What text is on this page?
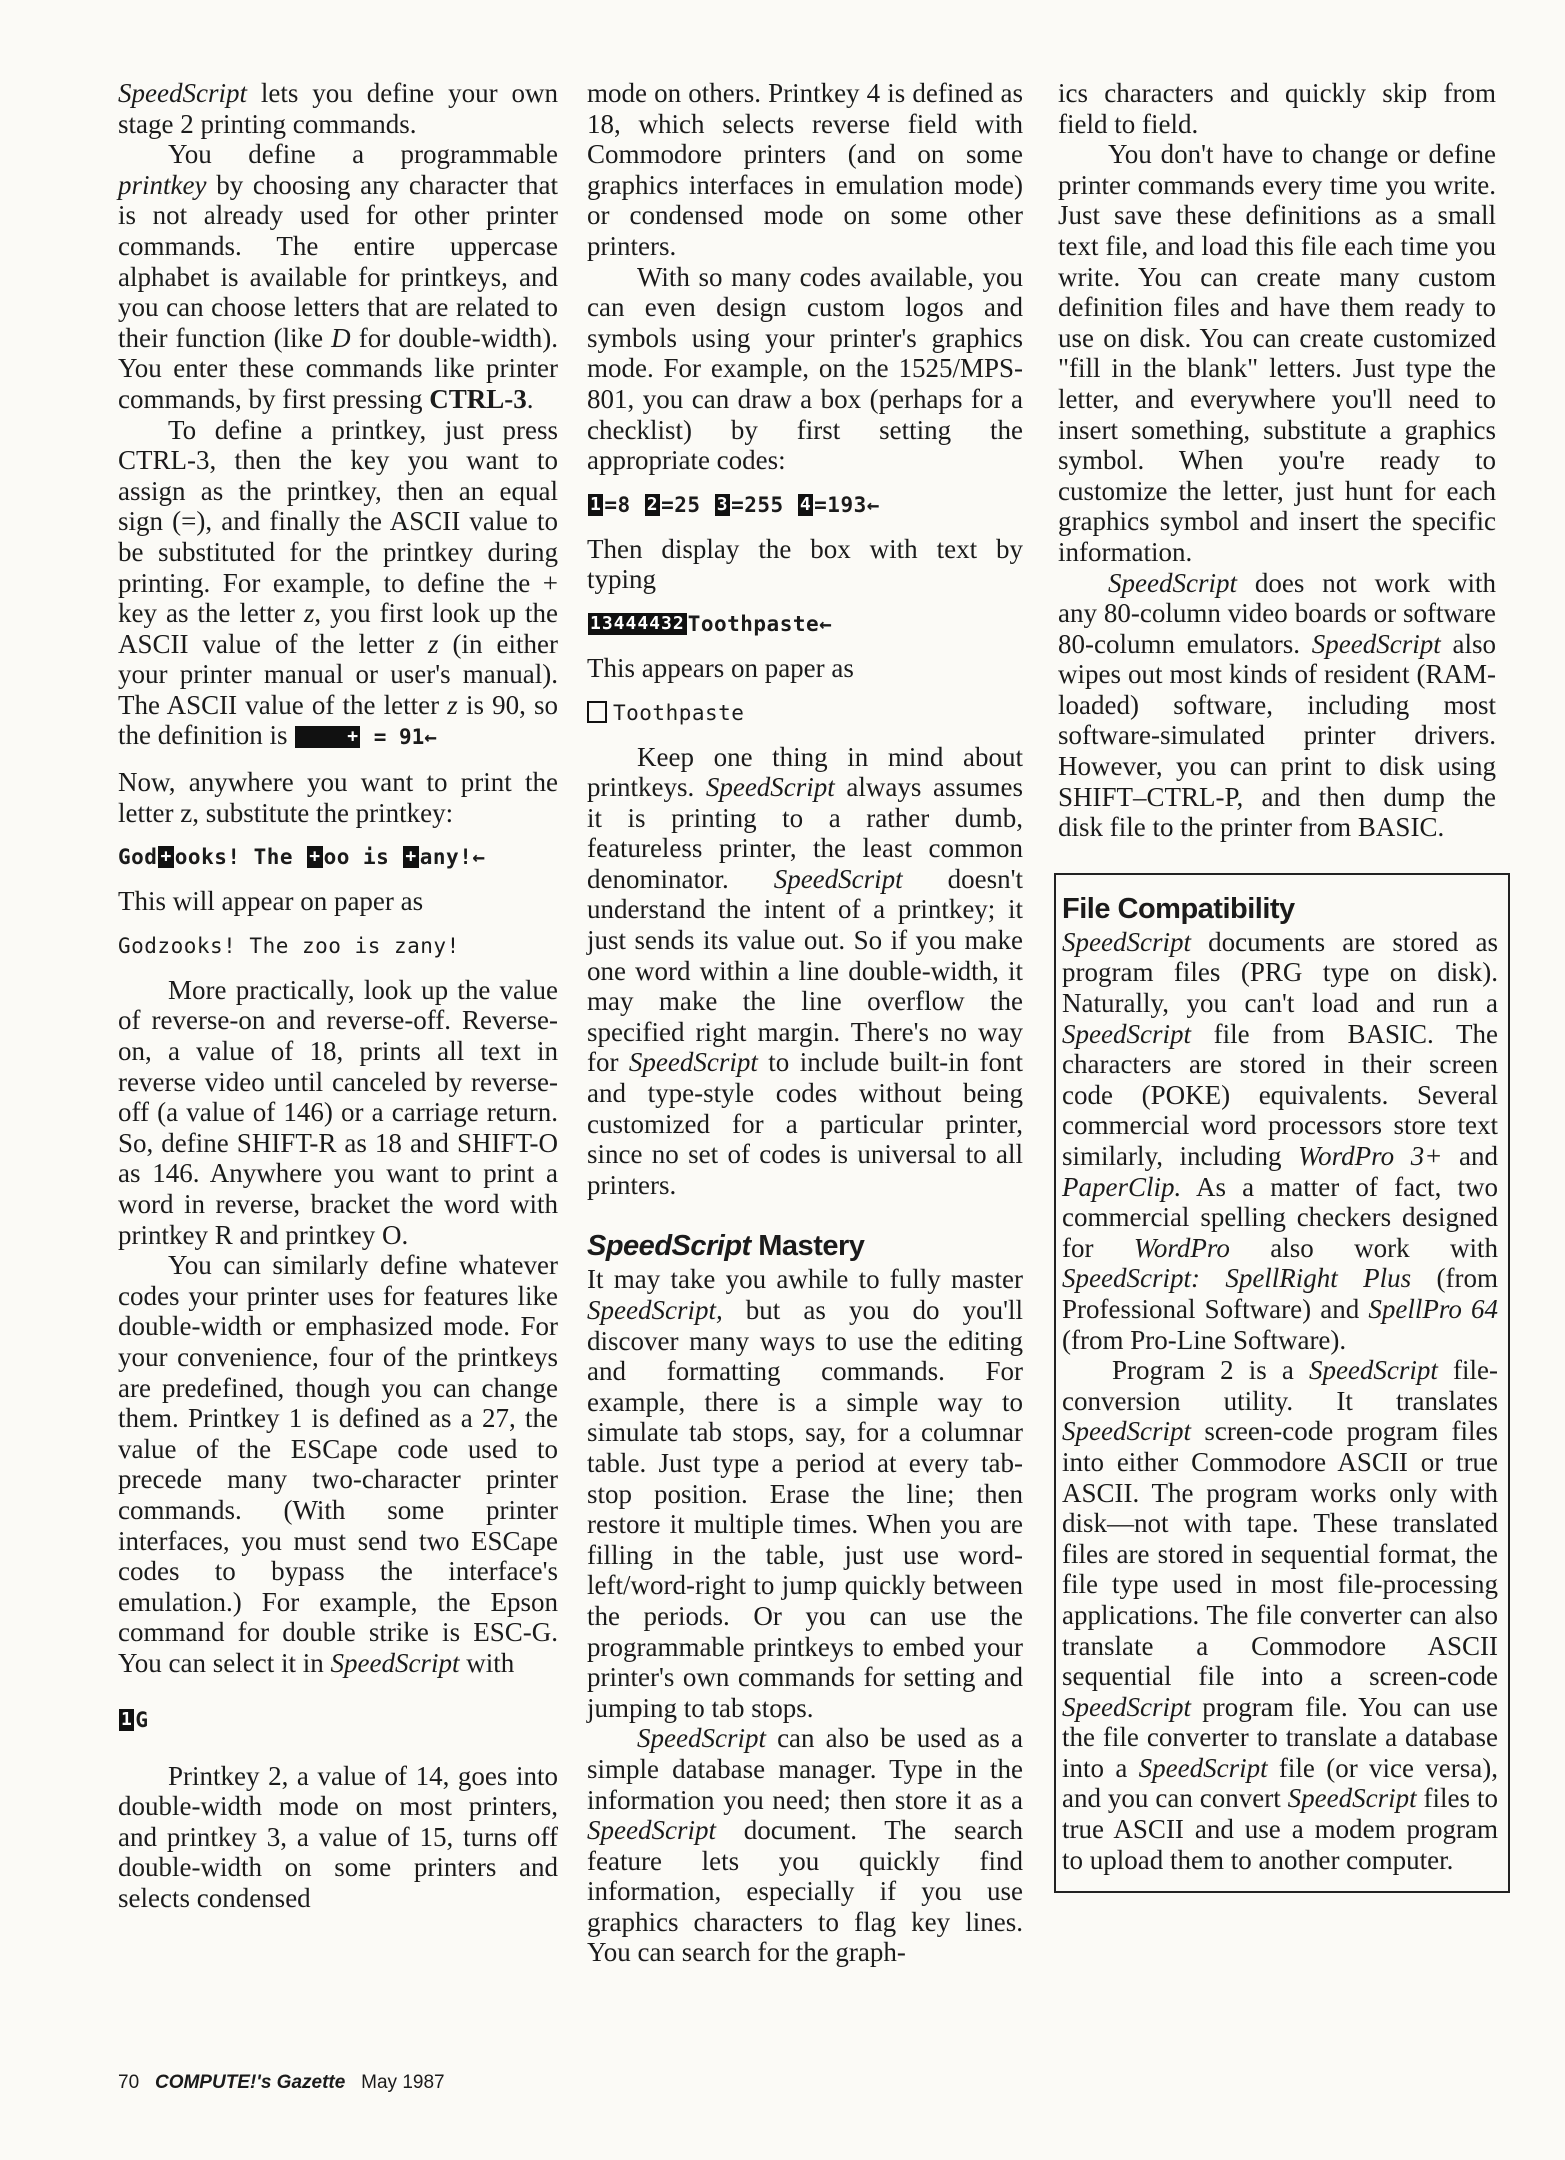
SpeedScript lets you define your own stage 2 printing commands.

You define a programmable printkey by choosing any character that is not already used for other printer commands. The entire uppercase alphabet is available for printkeys, and you can choose letters that are related to their function (like D for double-width). You enter these commands like printer commands, by first pressing CTRL-3.

To define a printkey, just press CTRL-3, then the key you want to assign as the printkey, then an equal sign (=), and finally the ASCII value to be substituted for the printkey during printing. For example, to define the + key as the letter z, you first look up the ASCII value of the letter z (in either your printer manual or user's manual). The ASCII value of the letter z is 90, so the definition is	+ = 91←

Now, anywhere you want to print the letter z, substitute the printkey:

God + ooks! The + oo is + any!←

This will appear on paper as

Godzooks! The zoo is zany!

More practically, look up the value of reverse-on and reverse-off. Reverse-on, a value of 18, prints all text in reverse video until canceled by reverse-off (a value of 146) or a carriage return. So, define SHIFT-R as 18 and SHIFT-O as 146. Anywhere you want to print a word in reverse, bracket the word with printkey R and printkey O.

You can similarly define whatever codes your printer uses for features like double-width or emphasized mode. For your convenience, four of the printkeys are predefined, though you can change them. Printkey 1 is defined as a 27, the value of the ESCape code used to precede many two-character printer commands. (With some printer interfaces, you must send two ESCape codes to bypass the interface's emulation.) For example, the Epson command for double strike is ESC-G. You can select it in SpeedScript with

1 G

Printkey 2, a value of 14, goes into double-width mode on most printers, and printkey 3, a value of 15, turns off double-width on some printers and selects condensed

mode on others. Printkey 4 is defined as 18, which selects reverse field with Commodore printers (and on some graphics interfaces in emulation mode) or condensed mode on some other printers.

With so many codes available, you can even design custom logos and symbols using your printer's graphics mode. For example, on the 1525/MPS-801, you can draw a box (perhaps for a checklist) by first setting the appropriate codes:

1 =8 2 =25 3 =255 4 =193←

Then display the box with text by typing

13444432 Toothpaste←

This appears on paper as

Toothpaste

Keep one thing in mind about printkeys. SpeedScript always assumes it is printing to a rather dumb, featureless printer, the least common denominator. SpeedScript doesn't understand the intent of a printkey; it just sends its value out. So if you make one word within a line double-width, it may make the line overflow the specified right margin. There's no way for SpeedScript to include built-in font and type-style codes without being customized for a particular printer, since no set of codes is universal to all printers.

SpeedScript Mastery

It may take you awhile to fully master SpeedScript, but as you do you'll discover many ways to use the editing and formatting commands. For example, there is a simple way to simulate tab stops, say, for a columnar table. Just type a period at every tab-stop position. Erase the line; then restore it multiple times. When you are filling in the table, just use word-left/word-right to jump quickly between the periods. Or you can use the programmable printkeys to embed your printer's own commands for setting and jumping to tab stops.

SpeedScript can also be used as a simple database manager. Type in the information you need; then store it as a SpeedScript document. The search feature lets you quickly find information, especially if you use graphics characters to flag key lines. You can search for the graph-

ics characters and quickly skip from field to field.

You don't have to change or define printer commands every time you write. Just save these definitions as a small text file, and load this file each time you write. You can create many custom definition files and have them ready to use on disk. You can create customized "fill in the blank" letters. Just type the letter, and everywhere you'll need to insert something, substitute a graphics symbol. When you're ready to customize the letter, just hunt for each graphics symbol and insert the specific information.

SpeedScript does not work with any 80-column video boards or software 80-column emulators. SpeedScript also wipes out most kinds of resident (RAM-loaded) software, including most software-simulated printer drivers. However, you can print to disk using SHIFT–CTRL-P, and then dump the disk file to the printer from BASIC.

File Compatibility

SpeedScript documents are stored as program files (PRG type on disk). Naturally, you can't load and run a SpeedScript file from BASIC. The characters are stored in their screen code (POKE) equivalents. Several commercial word processors store text similarly, including WordPro 3+ and PaperClip. As a matter of fact, two commercial spelling checkers designed for WordPro also work with SpeedScript: SpellRight Plus (from Professional Software) and SpellPro 64 (from Pro-Line Software).

Program 2 is a SpeedScript file-conversion utility. It translates SpeedScript screen-code program files into either Commodore ASCII or true ASCII. The program works only with disk—not with tape. These translated files are stored in sequential format, the file type used in most file-processing applications. The file converter can also translate a Commodore ASCII sequential file into a screen-code SpeedScript program file. You can use the file converter to translate a database into a SpeedScript file (or vice versa), and you can convert SpeedScript files to true ASCII and use a modem program to upload them to another computer.

70 COMPUTE!'s Gazette May 1987
